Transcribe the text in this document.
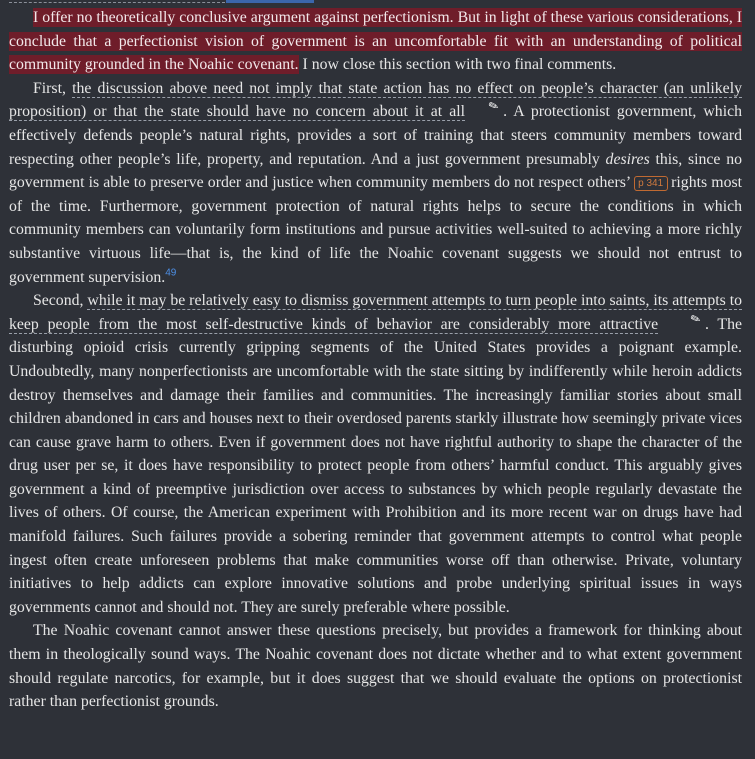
I offer no theoretically conclusive argument against perfectionism. But in light of these various considerations, I conclude that a perfectionist vision of government is an uncomfortable fit with an understanding of political community grounded in the Noahic covenant. I now close this section with two final comments.

First, the discussion above need not imply that state action has no effect on people’s character (an unlikely proposition) or that the state should have no concern about it at all ✎ . A protectionist government, which effectively defends people’s natural rights, provides a sort of training that steers community members toward respecting other people’s life, property, and reputation. And a just government presumably desires this, since no government is able to preserve order and justice when community members do not respect others’ p 341 rights most of the time. Furthermore, government protection of natural rights helps to secure the conditions in which community members can voluntarily form institutions and pursue activities well-suited to achieving a more richly substantive virtuous life—that is, the kind of life the Noahic covenant suggests we should not entrust to government supervision.$^{49}$

Second, while it may be relatively easy to dismiss government attempts to turn people into saints, its attempts to keep people from the most self-destructive kinds of behavior are considerably more attractive	✎ . The disturbing opioid crisis currently gripping segments of the United States provides a poignant example. Undoubtedly, many nonperfectionists are uncomfortable with the state sitting by indifferently while heroin addicts destroy themselves and damage their families and communities. The increasingly familiar stories about small children abandoned in cars and houses next to their overdosed parents starkly illustrate how seemingly private vices can cause grave harm to others. Even if government does not have rightful authority to shape the character of the drug user per se, it does have responsibility to protect people from others’ harmful conduct. This arguably gives government a kind of preemptive jurisdiction over access to substances by which people regularly devastate the lives of others. Of course, the American experiment with Prohibition and its more recent war on drugs have had manifold failures. Such failures provide a sobering reminder that government attempts to control what people ingest often create unforeseen problems that make communities worse off than otherwise. Private, voluntary initiatives to help addicts can explore innovative solutions and probe underlying spiritual issues in ways governments cannot and should not. They are surely preferable where possible.

The Noahic covenant cannot answer these questions precisely, but provides a framework for thinking about them in theologically sound ways. The Noahic covenant does not dictate whether and to what extent government should regulate narcotics, for example, but it does suggest that we should evaluate the options on protectionist rather than perfectionist grounds.
